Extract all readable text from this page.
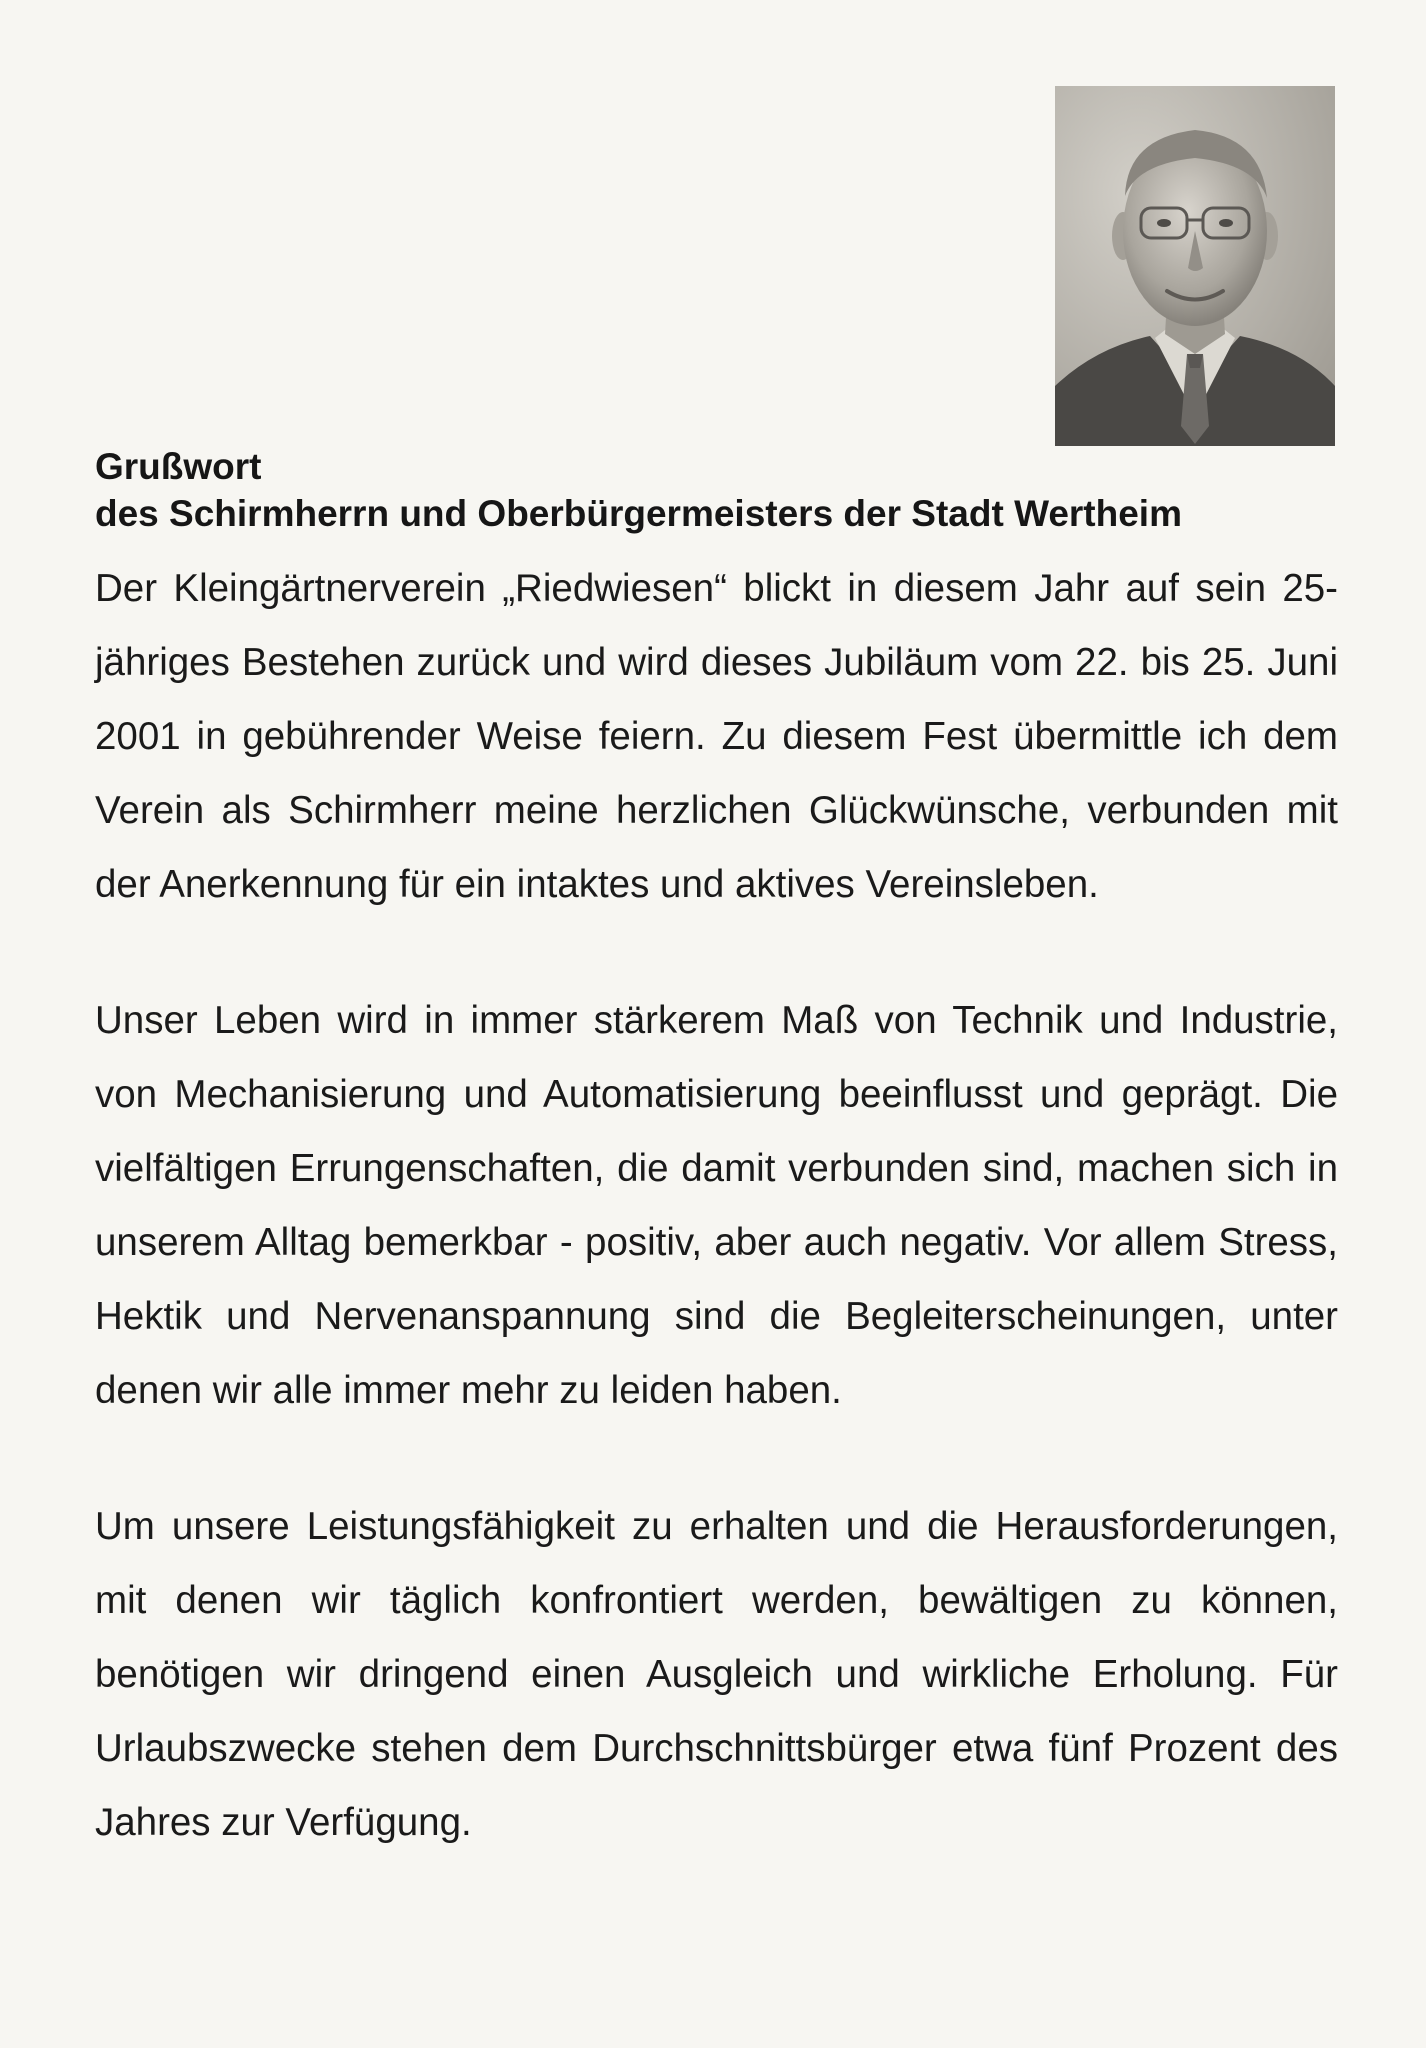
Grußwort
des Schirmherrn und Oberbürgermeisters der Stadt Wertheim

Der Kleingärtnerverein „Riedwiesen“ blickt in diesem Jahr auf sein 25-jähriges Bestehen zurück und wird dieses Jubiläum vom 22. bis 25. Juni 2001 in gebührender Weise feiern. Zu diesem Fest übermittle ich dem Verein als Schirmherr meine herzlichen Glückwünsche, verbunden mit der Anerkennung für ein intaktes und aktives Vereinsleben.

Unser Leben wird in immer stärkerem Maß von Technik und Industrie, von Mechanisierung und Automatisierung beeinflusst und geprägt. Die vielfältigen Errungenschaften, die damit verbunden sind, machen sich in unserem Alltag bemerkbar - positiv, aber auch negativ. Vor allem Stress, Hektik und Nervenanspannung sind die Begleiterscheinungen, unter denen wir alle immer mehr zu leiden haben.

Um unsere Leistungsfähigkeit zu erhalten und die Herausforderungen, mit denen wir täglich konfrontiert werden, bewältigen zu können, benötigen wir dringend einen Ausgleich und wirkliche Erholung. Für Urlaubszwecke stehen dem Durchschnittsbürger etwa fünf Prozent des Jahres zur Verfügung.
